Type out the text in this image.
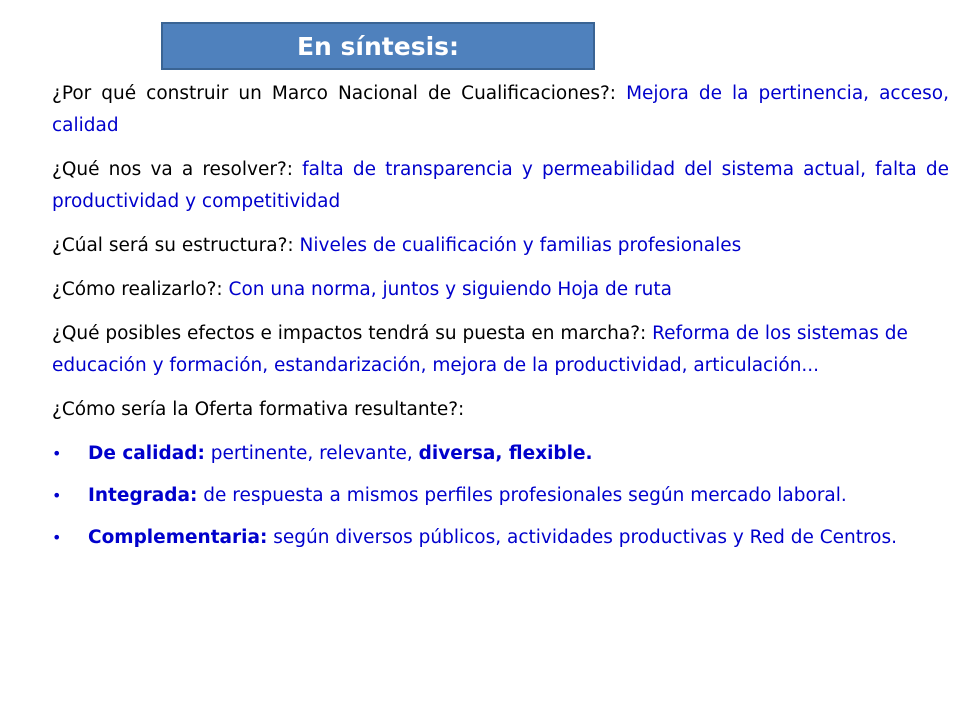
En síntesis:

¿Por qué construir un Marco Nacional de Cualificaciones?: Mejora de la pertinencia, acceso, calidad

¿Qué nos va a resolver?: falta de transparencia y permeabilidad del sistema actual, falta de productividad y competitividad

¿Cúal será su estructura?: Niveles de cualificación y familias profesionales

¿Cómo realizarlo?: Con una norma, juntos y siguiendo Hoja de ruta

¿Qué posibles efectos e impactos tendrá su puesta en marcha?: Reforma de los sistemas de educación y formación, estandarización, mejora de la productividad, articulación...

¿Cómo sería la Oferta formativa resultante?:

• De calidad: pertinente, relevante, diversa, flexible.
• Integrada: de respuesta a mismos perfiles profesionales según mercado laboral.
• Complementaria: según diversos públicos, actividades productivas y Red de Centros.
